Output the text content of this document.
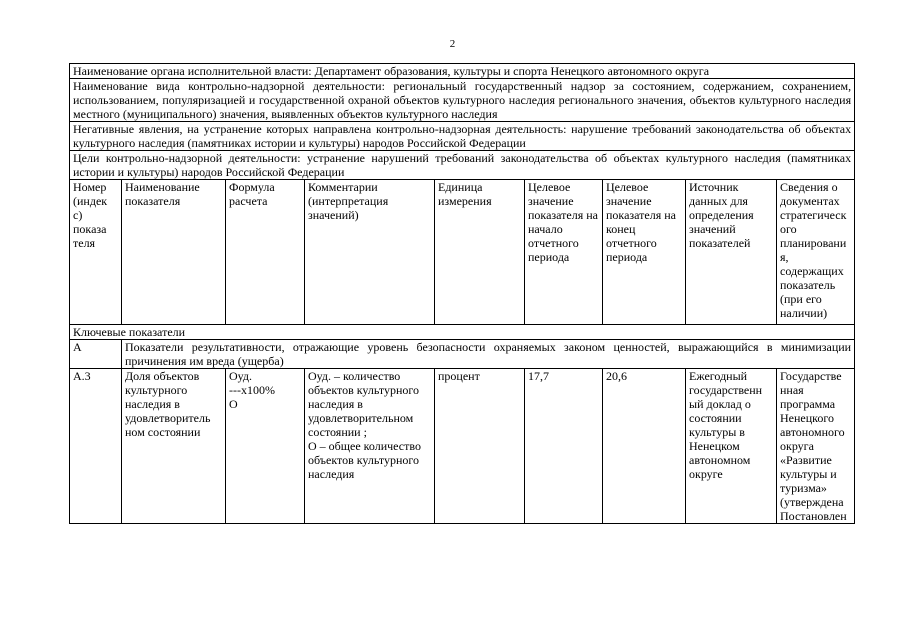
2
Наименование органа исполнительной власти: Департамент образования, культуры и спорта Ненецкого автономного округа								
Наименование вида контрольно-надзорной деятельности: региональный государственный надзор за состоянием, содержанием, сохранением, использованием, популяризацией и государственной охраной объектов культурного наследия регионального значения, объектов культурного наследия местного (муниципального) значения, выявленных объектов культурного наследия								
Негативные явления, на устранение которых направлена контрольно-надзорная деятельность: нарушение требований законодательства об объектах культурного наследия (памятниках истории и культуры) народов Российской Федерации								
Цели контрольно-надзорной деятельности: устранение нарушений требований законодательства об объектах культурного наследия (памятниках истории и культуры) народов Российской Федерации								
Номер (индек с) показа теля	Наименование показателя	Формула расчета	Комментарии (интерпретация значений)	Единица измерения	Целевое значение показателя на начало отчетного периода	Целевое значение показателя на конец отчетного периода	Источник данных для определения значений показателей	Сведения о документах стратегическ ого планировани я, содержащих показатель (при его наличии)
Ключевые показатели								
А	Показатели результативности, отражающие уровень безопасности охраняемых законом ценностей, выражающийся в минимизации причинения им вреда (ущерба)							
А.3	Доля объектов культурного наследия в удовлетворитель ном состоянии	Оуд.
---х100%
О	Оуд. – количество объектов культурного наследия в удовлетворительном состоянии ;
О – общее количество объектов культурного наследия	процент	17,7	20,6	Ежегодный государственн ый доклад о состоянии культуры в Ненецком автономном округе	Государстве нная программа Ненецкого автономного округа «Развитие культуры и туризма» (утверждена Постановлен
